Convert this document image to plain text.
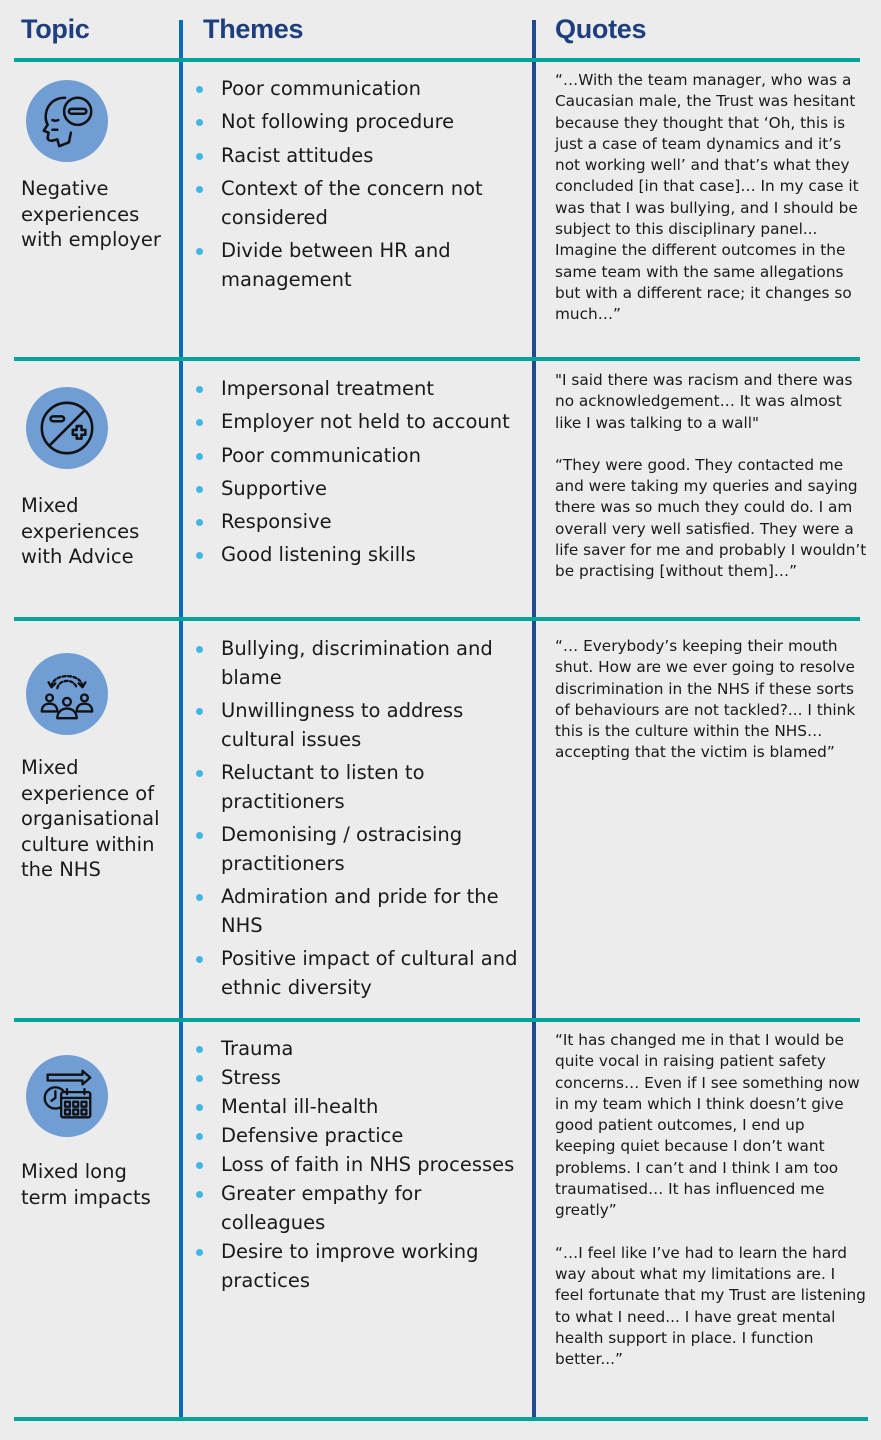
Topic	Themes	Quotes
Negative experiences with employer
Poor communication
Not following procedure
Racist attitudes
Context of the concern not considered
Divide between HR and management

“…With the team manager, who was a Caucasian male, the Trust was hesitant because they thought that ‘Oh, this is just a case of team dynamics and it’s not working well’ and that’s what they concluded [in that case]… In my case it was that I was bullying, and I should be subject to this disciplinary panel... Imagine the different outcomes in the same team with the same allegations but with a different race; it changes so much…”

Mixed experiences with Advice
Impersonal treatment
Employer not held to account
Poor communication
Supportive
Responsive
Good listening skills

"I said there was racism and there was no acknowledgement… It was almost like I was talking to a wall"

“They were good. They contacted me and were taking my queries and saying there was so much they could do. I am overall very well satisfied. They were a life saver for me and probably I wouldn’t be practising [without them]…”

Mixed experience of organisational culture within the NHS
Bullying, discrimination and blame
Unwillingness to address cultural issues
Reluctant to listen to practitioners
Demonising / ostracising practitioners
Admiration and pride for the NHS
Positive impact of cultural and ethnic diversity

“… Everybody’s keeping their mouth shut. How are we ever going to resolve discrimination in the NHS if these sorts of behaviours are not tackled?... I think this is the culture within the NHS… accepting that the victim is blamed”

Mixed long term impacts
Trauma
Stress
Mental ill-health
Defensive practice
Loss of faith in NHS processes
Greater empathy for colleagues
Desire to improve working practices

“It has changed me in that I would be quite vocal in raising patient safety concerns… Even if I see something now in my team which I think doesn’t give good patient outcomes, I end up keeping quiet because I don’t want problems. I can’t and I think I am too traumatised… It has influenced me greatly”

“…I feel like I’ve had to learn the hard way about what my limitations are. I feel fortunate that my Trust are listening to what I need... I have great mental health support in place. I function better...”
